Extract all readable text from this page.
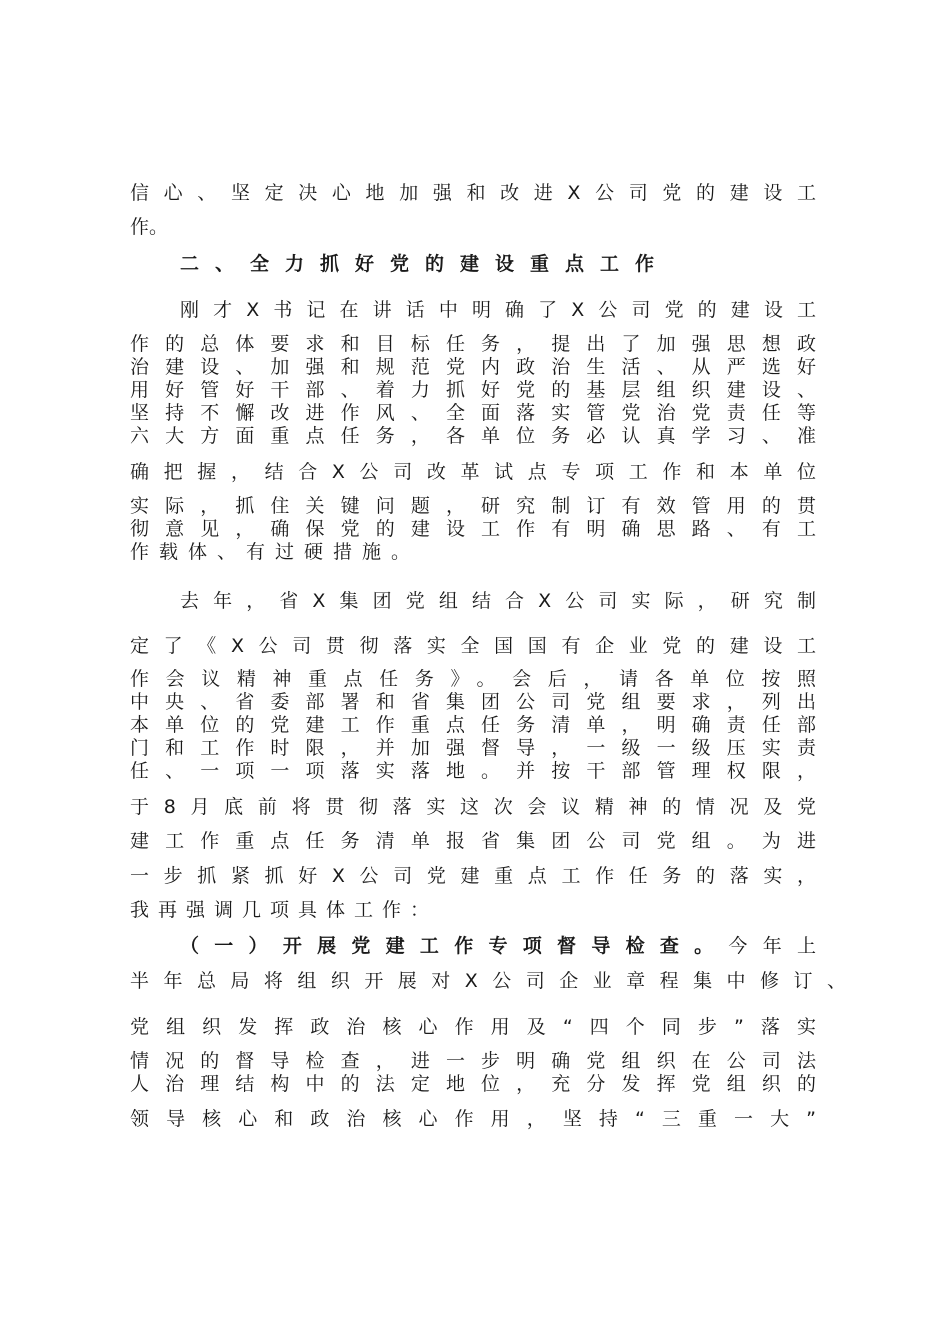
信心、坚定决心地加强和改进X公司党的建设工
作。
二、全力抓好党的建设重点工作
刚才X书记在讲话中明确了X公司党的建设工
作的总体要求和目标任务，提出了加强思想政
治建设、加强和规范党内政治生活、从严选好
用好管好干部、着力抓好党的基层组织建设、
坚持不懈改进作风、全面落实管党治党责任等
六大方面重点任务，各单位务必认真学习、准
确把握，结合X公司改革试点专项工作和本单位
实际，抓住关键问题，研究制订有效管用的贯
彻意见，确保党的建设工作有明确思路、有工
作载体、有过硬措施。
去年，省X集团党组结合X公司实际，研究制
定了《X公司贯彻落实全国国有企业党的建设工
作会议精神重点任务》。会后，请各单位按照
中央、省委部署和省集团公司党组要求，列出
本单位的党建工作重点任务清单，明确责任部
门和工作时限，并加强督导，一级一级压实责
任、一项一项落实落地。并按干部管理权限，
于8月底前将贯彻落实这次会议精神的情况及党
建工作重点任务清单报省集团公司党组。为进
一步抓紧抓好X公司党建重点工作任务的落实，
我再强调几项具体工作：
（一）开展党建工作专项督导检查。今年上
半年总局将组织开展对X公司企业章程集中修订、
党组织发挥政治核心作用及“四个同步”落实
情况的督导检查，进一步明确党组织在公司法
人治理结构中的法定地位，充分发挥党组织的
领导核心和政治核心作用，坚持“三重一大”
